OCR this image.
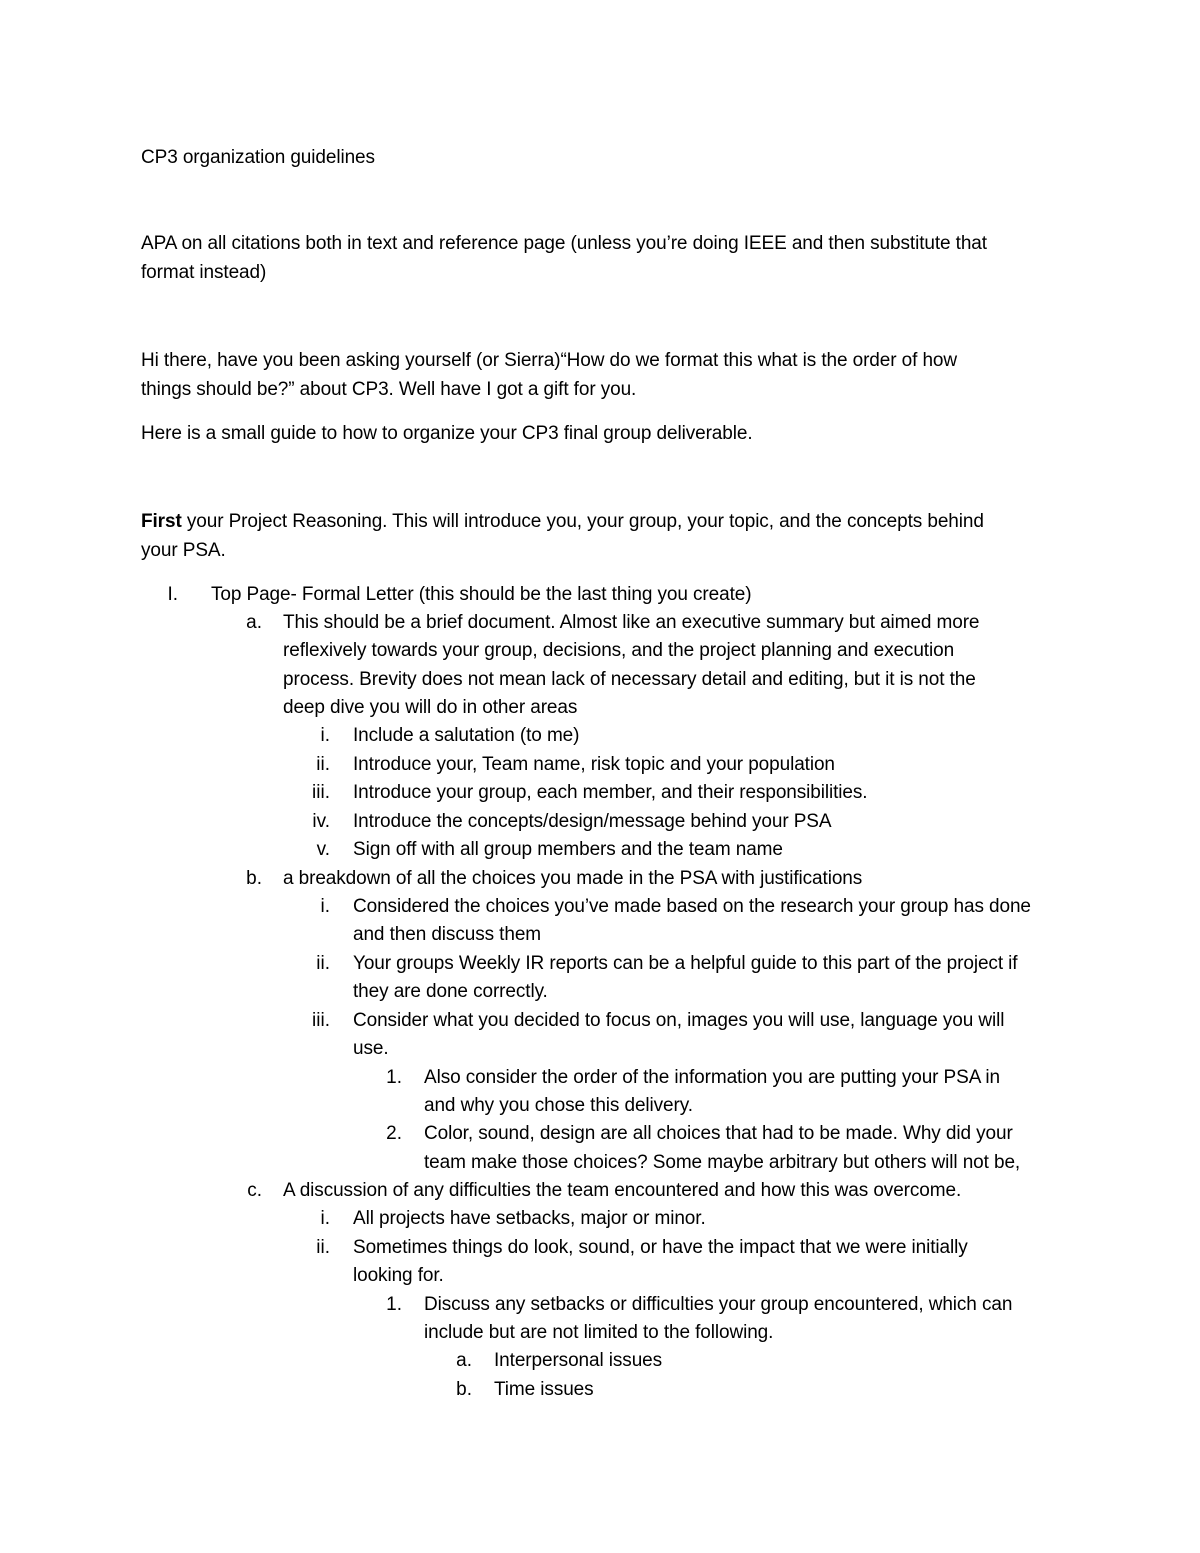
CP3 organization guidelines
APA on all citations both in text and reference page (unless you’re doing IEEE and then substitute that
format instead)
Hi there, have you been asking yourself (or Sierra)“How do we format this what is the order of how
things should be?” about CP3. Well have I got a gift for you.
Here is a small guide to how to organize your CP3 final group deliverable.
First your Project Reasoning. This will introduce you, your group, your topic, and the concepts behind
your PSA.
I. Top Page- Formal Letter (this should be the last thing you create)
a. This should be a brief document. Almost like an executive summary but aimed more
reflexively towards your group, decisions, and the project planning and execution
process. Brevity does not mean lack of necessary detail and editing, but it is not the
deep dive you will do in other areas
i. Include a salutation (to me)
ii. Introduce your, Team name, risk topic and your population
iii. Introduce your group, each member, and their responsibilities.
iv. Introduce the concepts/design/message behind your PSA
v. Sign off with all group members and the team name
b. a breakdown of all the choices you made in the PSA with justifications
i. Considered the choices you’ve made based on the research your group has done
and then discuss them
ii. Your groups Weekly IR reports can be a helpful guide to this part of the project if
they are done correctly.
iii. Consider what you decided to focus on, images you will use, language you will
use.
1. Also consider the order of the information you are putting your PSA in
and why you chose this delivery.
2. Color, sound, design are all choices that had to be made. Why did your
team make those choices? Some maybe arbitrary but others will not be,
c. A discussion of any difficulties the team encountered and how this was overcome.
i. All projects have setbacks, major or minor.
ii. Sometimes things do look, sound, or have the impact that we were initially
looking for.
1. Discuss any setbacks or difficulties your group encountered, which can
include but are not limited to the following.
a. Interpersonal issues
b. Time issues
